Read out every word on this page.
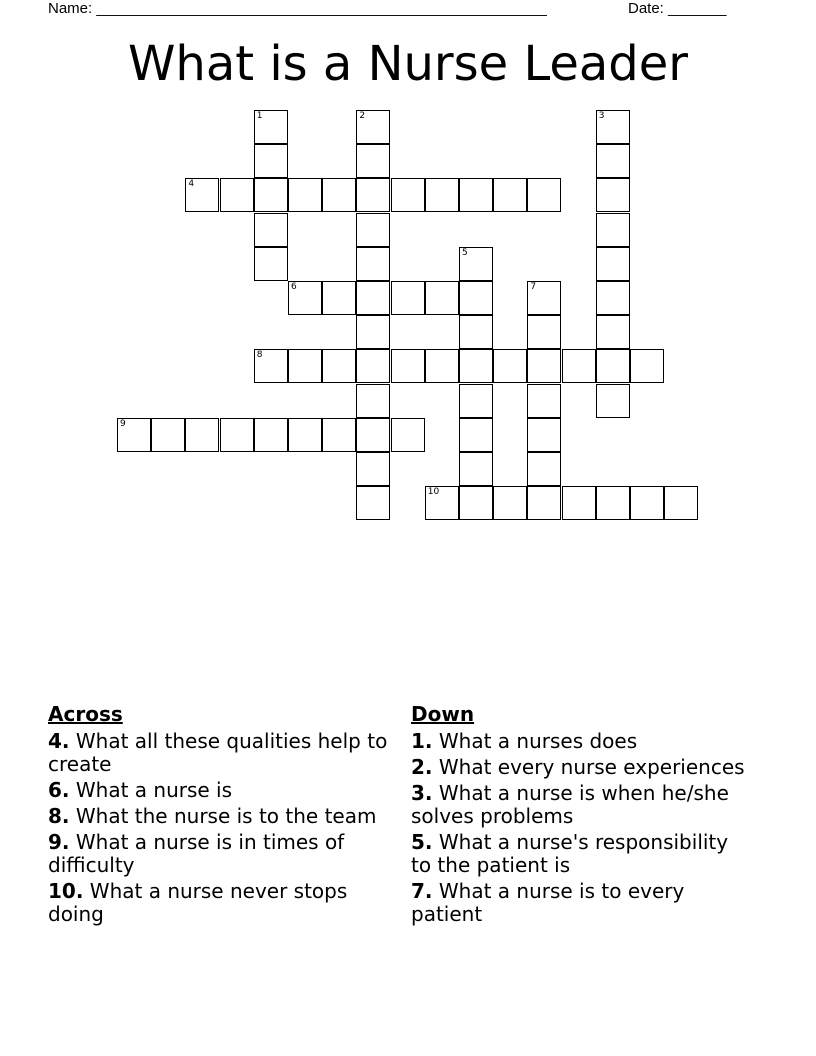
Name: ______________________________________________________	Date: _______
What is a Nurse Leader
1	2	3
4
5
6	7
8
9
10
Across
4. What all these qualities help to create
6. What a nurse is
8. What the nurse is to the team
9. What a nurse is in times of difficulty
10. What a nurse never stops doing
Down
1. What a nurses does
2. What every nurse experiences
3. What a nurse is when he/she solves problems
5. What a nurse's responsibility to the patient is
7. What a nurse is to every patient
